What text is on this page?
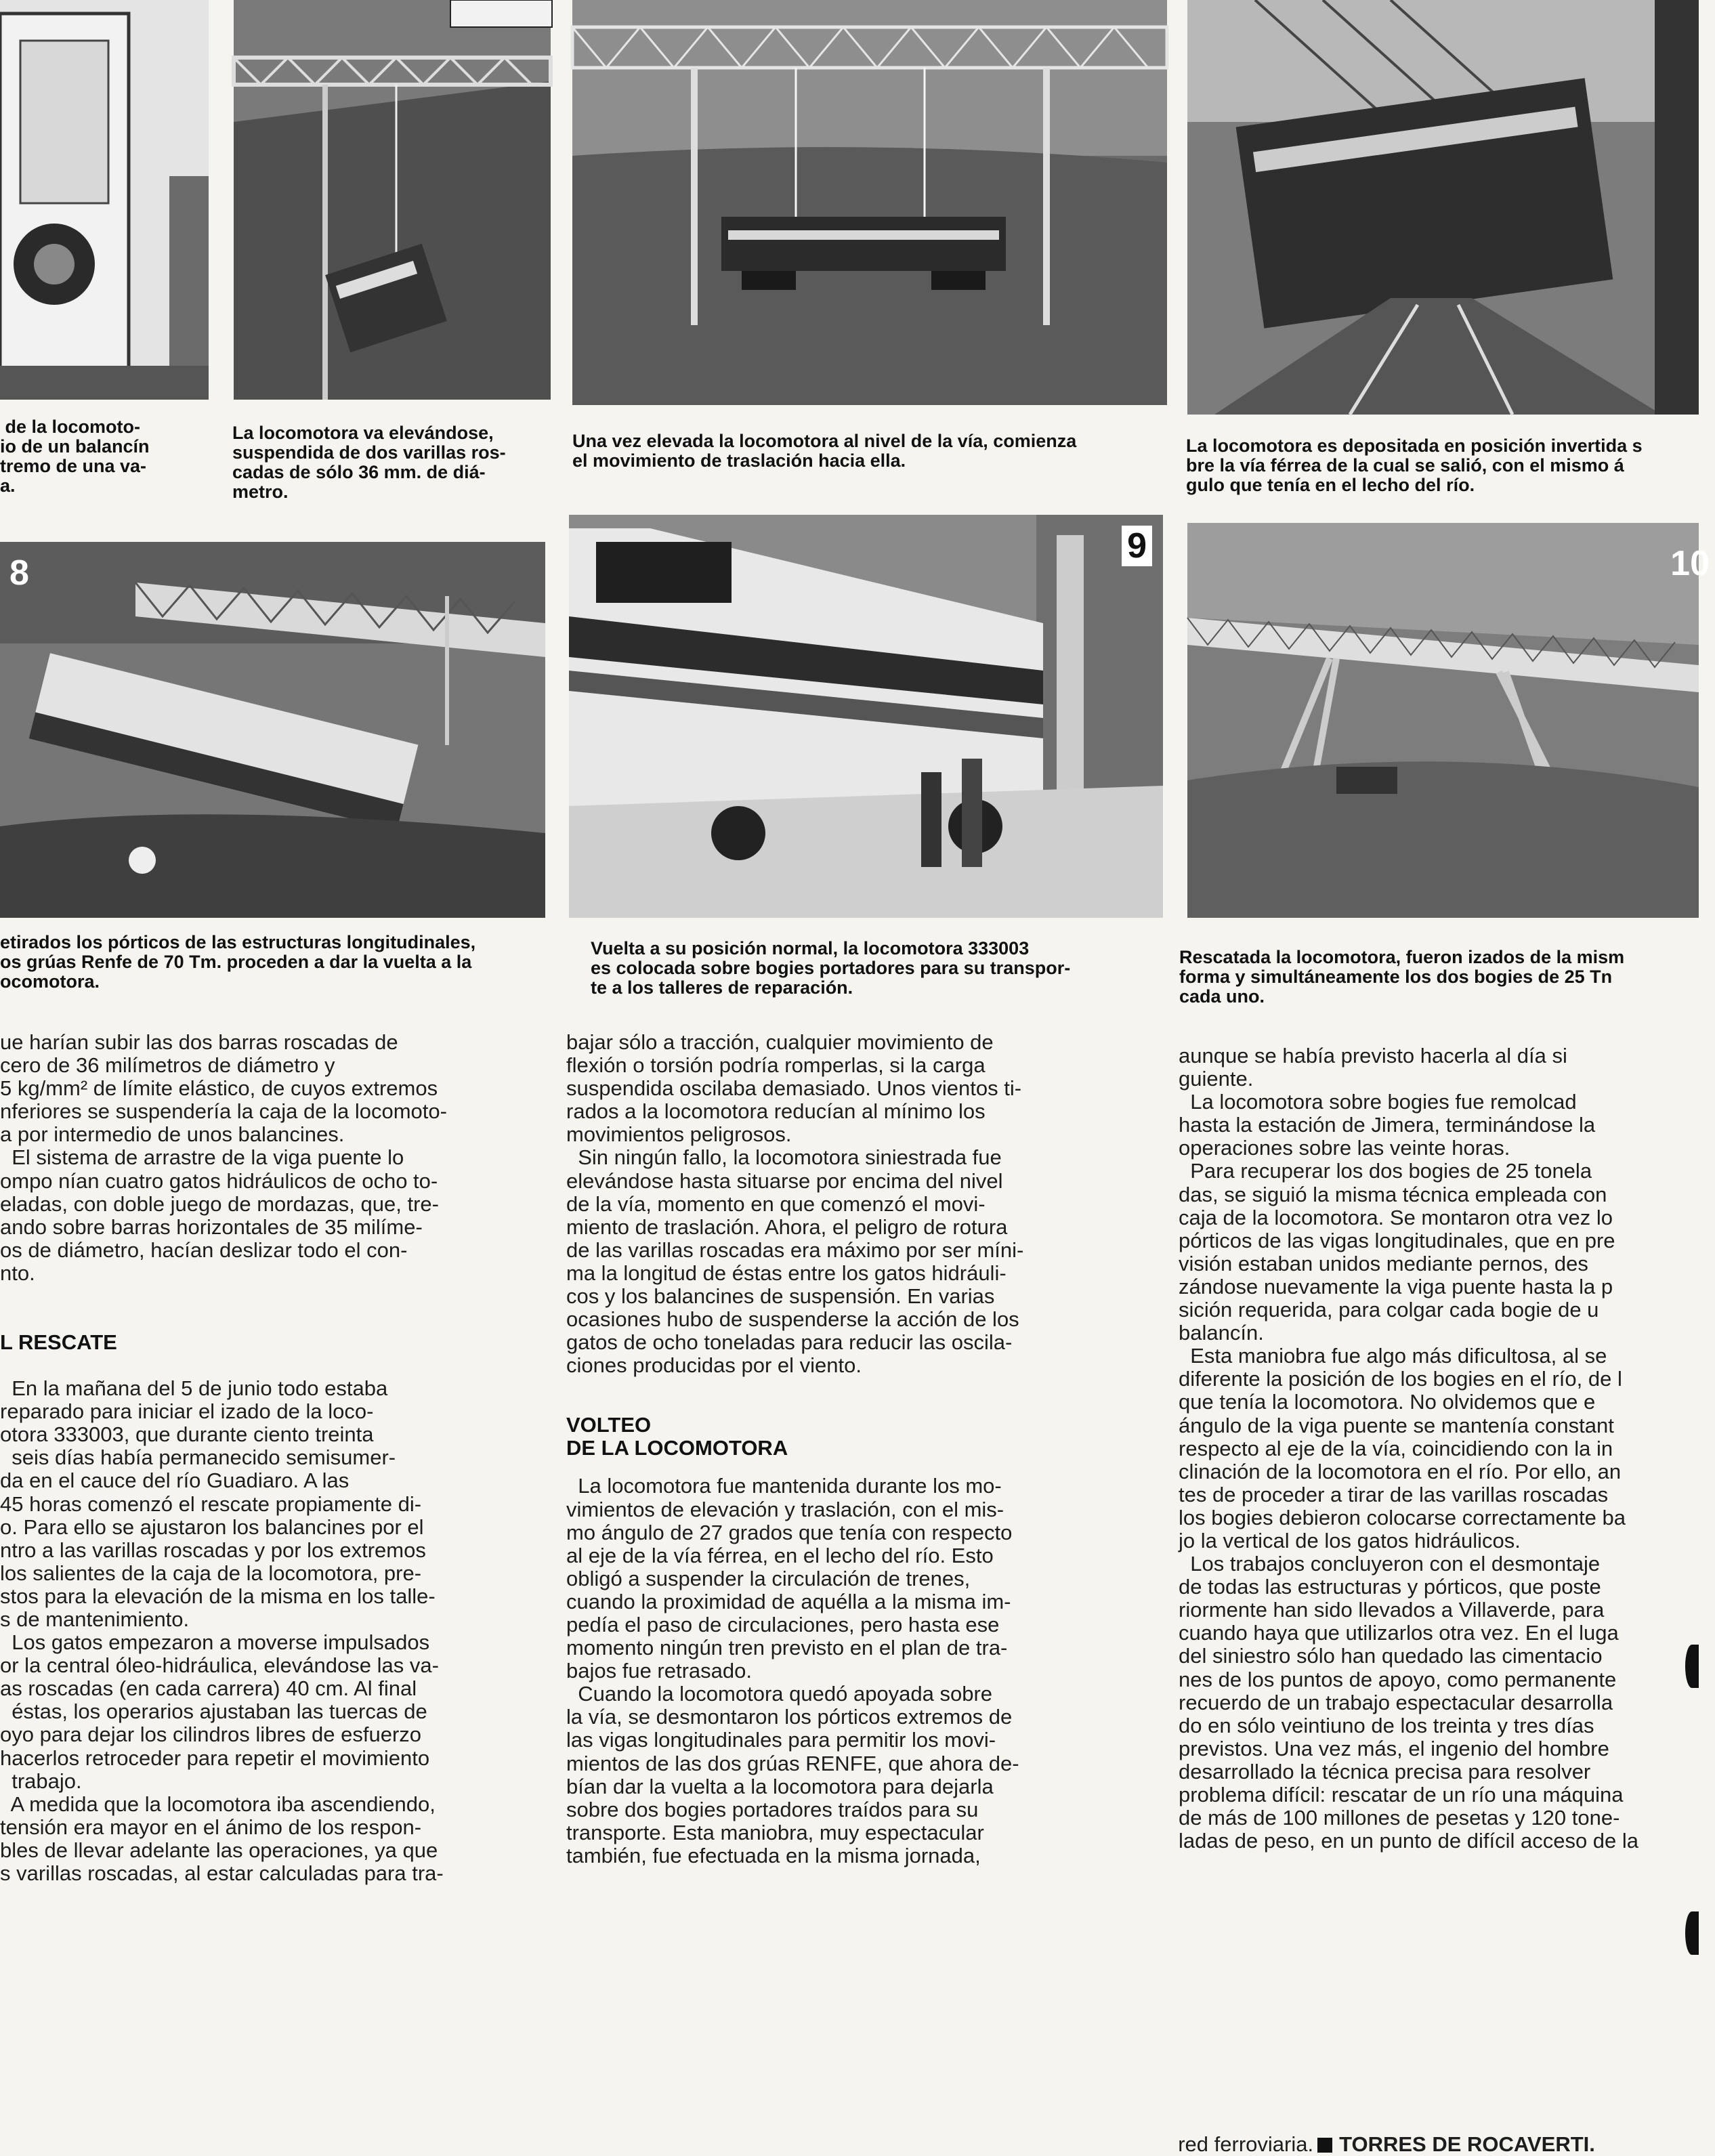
de la locomoto-
io de un balancín
tremo de una va-
a.

La locomotora va elevándose,
suspendida de dos varillas ros-
cadas de sólo 36 mm. de diá-
metro.

Una vez elevada la locomotora al nivel de la vía, comienza
el movimiento de traslación hacia ella.

La locomotora es depositada en posición invertida s
bre la vía férrea de la cual se salió, con el mismo á
gulo que tenía en el lecho del río.

8
9	10

etirados los pórticos de las estructuras longitudinales,
os grúas Renfe de 70 Tm. proceden a dar la vuelta a la
ocomotora.

Vuelta a su posición normal, la locomotora 333003
es colocada sobre bogies portadores para su transpor-
te a los talleres de reparación.

Rescatada la locomotora, fueron izados de la mism
forma y simultáneamente los dos bogies de 25 Tn
cada uno.

ue harían subir las dos barras roscadas de

cero de 36 milímetros de diámetro y

5 kg/mm² de límite elástico, de cuyos extremos

nferiores se suspendería la caja de la locomoto-

a por intermedio de unos balancines.

El sistema de arrastre de la viga puente lo

ompo nían cuatro gatos hidráulicos de ocho to-

eladas, con doble juego de mordazas, que, tre-

ando sobre barras horizontales de 35 milíme-

os de diámetro, hacían deslizar todo el con-

nto.

L RESCATE

En la mañana del 5 de junio todo estaba

reparado para iniciar el izado de la loco-

otora 333003, que durante ciento treinta

seis días había permanecido semisumer-

da en el cauce del río Guadiaro. A las

45 horas comenzó el rescate propiamente di-

o. Para ello se ajustaron los balancines por el

ntro a las varillas roscadas y por los extremos

los salientes de la caja de la locomotora, pre-

stos para la elevación de la misma en los talle-

s de mantenimiento.

Los gatos empezaron a moverse impulsados

or la central óleo-hidráulica, elevándose las va-

as roscadas (en cada carrera) 40 cm. Al final

éstas, los operarios ajustaban las tuercas de

oyo para dejar los cilindros libres de esfuerzo

hacerlos retroceder para repetir el movimiento

trabajo.

A medida que la locomotora iba ascendiendo,

tensión era mayor en el ánimo de los respon-

bles de llevar adelante las operaciones, ya que

s varillas roscadas, al estar calculadas para tra-

bajar sólo a tracción, cualquier movimiento de

flexión o torsión podría romperlas, si la carga

suspendida oscilaba demasiado. Unos vientos ti-

rados a la locomotora reducían al mínimo los

movimientos peligrosos.

Sin ningún fallo, la locomotora siniestrada fue

elevándose hasta situarse por encima del nivel

de la vía, momento en que comenzó el movi-

miento de traslación. Ahora, el peligro de rotura

de las varillas roscadas era máximo por ser míni-

ma la longitud de éstas entre los gatos hidráuli-

cos y los balancines de suspensión. En varias

ocasiones hubo de suspenderse la acción de los

gatos de ocho toneladas para reducir las oscila-

ciones producidas por el viento.

VOLTEO
DE LA LOCOMOTORA

La locomotora fue mantenida durante los mo-

vimientos de elevación y traslación, con el mis-

mo ángulo de 27 grados que tenía con respecto

al eje de la vía férrea, en el lecho del río. Esto

obligó a suspender la circulación de trenes,

cuando la proximidad de aquélla a la misma im-

pedía el paso de circulaciones, pero hasta ese

momento ningún tren previsto en el plan de tra-

bajos fue retrasado.

Cuando la locomotora quedó apoyada sobre

la vía, se desmontaron los pórticos extremos de

las vigas longitudinales para permitir los movi-

mientos de las dos grúas RENFE, que ahora de-

bían dar la vuelta a la locomotora para dejarla

sobre dos bogies portadores traídos para su

transporte. Esta maniobra, muy espectacular

también, fue efectuada en la misma jornada,

aunque se había previsto hacerla al día si

guiente.

La locomotora sobre bogies fue remolcad

hasta la estación de Jimera, terminándose la

operaciones sobre las veinte horas.

Para recuperar los dos bogies de 25 tonela

das, se siguió la misma técnica empleada con

caja de la locomotora. Se montaron otra vez lo

pórticos de las vigas longitudinales, que en pre

visión estaban unidos mediante pernos, des

zándose nuevamente la viga puente hasta la p

sición requerida, para colgar cada bogie de u

balancín.

Esta maniobra fue algo más dificultosa, al se

diferente la posición de los bogies en el río, de l

que tenía la locomotora. No olvidemos que e

ángulo de la viga puente se mantenía constant

respecto al eje de la vía, coincidiendo con la in

clinación de la locomotora en el río. Por ello, an

tes de proceder a tirar de las varillas roscadas

los bogies debieron colocarse correctamente ba

jo la vertical de los gatos hidráulicos.

Los trabajos concluyeron con el desmontaje

de todas las estructuras y pórticos, que poste

riormente han sido llevados a Villaverde, para

cuando haya que utilizarlos otra vez. En el luga

del siniestro sólo han quedado las cimentacio

nes de los puntos de apoyo, como permanente

recuerdo de un trabajo espectacular desarrolla

do en sólo veintiuno de los treinta y tres días

previstos. Una vez más, el ingenio del hombre

desarrollado la técnica precisa para resolver

problema difícil: rescatar de un río una máquina

de más de 100 millones de pesetas y 120 tone-

ladas de peso, en un punto de difícil acceso de la

red ferroviaria. TORRES DE ROCAVERTI.
